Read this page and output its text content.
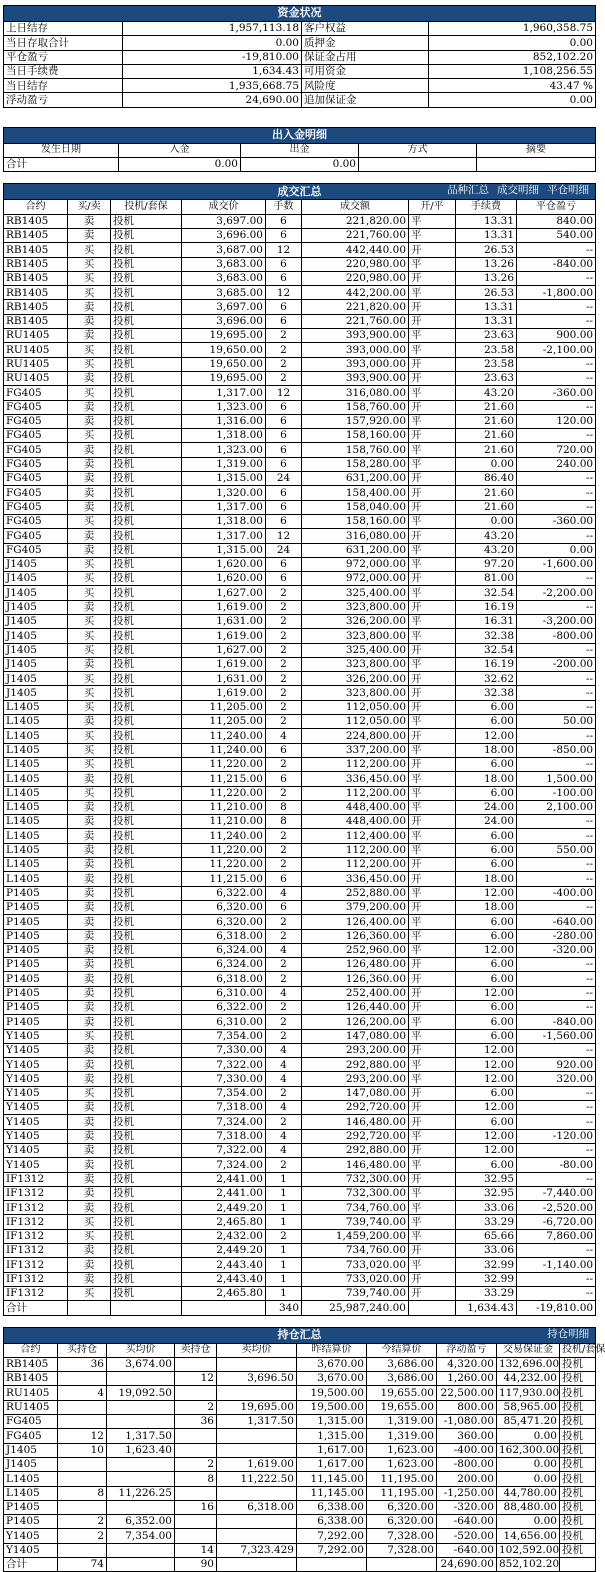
资金状况			
上日结存	1,957,113.18	客户权益	1,960,358.75
当日存取合计	0.00	质押金	0.00
平仓盈亏	-19,810.00	保证金占用	852,102.20
当日手续费	1,634.43	可用资金	1,108,256.55
当日结存	1,935,668.75	风险度	43.47 %
浮动盈亏	24,690.00	追加保证金	0.00
出入金明细				
发生日期	入金	出金	方式	摘要
合计	0.00	0.00		
成交汇总 品种汇总 成交明细 平仓明细								

合约	买/卖	投机/套保	成交价	手数	成交额	开/平	手续费	平仓盈亏
RB1405	卖	投机	3,697.00	6	221,820.00	平	13.31	840.00
RB1405	卖	投机	3,696.00	6	221,760.00	平	13.31	540.00
RB1405	买	投机	3,687.00	12	442,440.00	开	26.53	--
RB1405	买	投机	3,683.00	6	220,980.00	平	13.26	-840.00
RB1405	买	投机	3,683.00	6	220,980.00	开	13.26	--
RB1405	买	投机	3,685.00	12	442,200.00	平	26.53	-1,800.00
RB1405	卖	投机	3,697.00	6	221,820.00	开	13.31	--
RB1405	卖	投机	3,696.00	6	221,760.00	开	13.31	--
RU1405	卖	投机	19,695.00	2	393,900.00	平	23.63	900.00
RU1405	买	投机	19,650.00	2	393,000.00	平	23.58	-2,100.00
RU1405	买	投机	19,650.00	2	393,000.00	开	23.58	--
RU1405	卖	投机	19,695.00	2	393,900.00	开	23.63	--
FG405	买	投机	1,317.00	12	316,080.00	平	43.20	-360.00
FG405	卖	投机	1,323.00	6	158,760.00	开	21.60	--
FG405	卖	投机	1,316.00	6	157,920.00	平	21.60	120.00
FG405	买	投机	1,318.00	6	158,160.00	开	21.60	--
FG405	卖	投机	1,323.00	6	158,760.00	平	21.60	720.00
FG405	卖	投机	1,319.00	6	158,280.00	平	0.00	240.00
FG405	卖	投机	1,315.00	24	631,200.00	开	86.40	--
FG405	卖	投机	1,320.00	6	158,400.00	开	21.60	--
FG405	卖	投机	1,317.00	6	158,040.00	开	21.60	--
FG405	买	投机	1,318.00	6	158,160.00	平	0.00	-360.00
FG405	卖	投机	1,317.00	12	316,080.00	开	43.20	--
FG405	卖	投机	1,315.00	24	631,200.00	平	43.20	0.00
J1405	买	投机	1,620.00	6	972,000.00	平	97.20	-1,600.00
J1405	买	投机	1,620.00	6	972,000.00	开	81.00	--
J1405	买	投机	1,627.00	2	325,400.00	平	32.54	-2,200.00
J1405	卖	投机	1,619.00	2	323,800.00	开	16.19	--
J1405	买	投机	1,631.00	2	326,200.00	平	16.31	-3,200.00
J1405	买	投机	1,619.00	2	323,800.00	平	32.38	-800.00
J1405	买	投机	1,627.00	2	325,400.00	开	32.54	--
J1405	卖	投机	1,619.00	2	323,800.00	平	16.19	-200.00
J1405	买	投机	1,631.00	2	326,200.00	开	32.62	--
J1405	买	投机	1,619.00	2	323,800.00	开	32.38	--
L1405	买	投机	11,205.00	2	112,050.00	开	6.00	--
L1405	卖	投机	11,205.00	2	112,050.00	平	6.00	50.00
L1405	买	投机	11,240.00	4	224,800.00	开	12.00	--
L1405	买	投机	11,240.00	6	337,200.00	平	18.00	-850.00
L1405	买	投机	11,220.00	2	112,200.00	开	6.00	--
L1405	卖	投机	11,215.00	6	336,450.00	平	18.00	1,500.00
L1405	买	投机	11,220.00	2	112,200.00	平	6.00	-100.00
L1405	卖	投机	11,210.00	8	448,400.00	平	24.00	2,100.00
L1405	卖	投机	11,210.00	8	448,400.00	开	24.00	--
L1405	卖	投机	11,240.00	2	112,400.00	平	6.00	--
L1405	卖	投机	11,220.00	2	112,200.00	平	6.00	550.00
L1405	卖	投机	11,220.00	2	112,200.00	开	6.00	--
L1405	卖	投机	11,215.00	6	336,450.00	开	18.00	--
P1405	卖	投机	6,322.00	4	252,880.00	平	12.00	-400.00
P1405	卖	投机	6,320.00	6	379,200.00	开	18.00	--
P1405	卖	投机	6,320.00	2	126,400.00	平	6.00	-640.00
P1405	卖	投机	6,318.00	2	126,360.00	平	6.00	-280.00
P1405	卖	投机	6,324.00	4	252,960.00	平	12.00	-320.00
P1405	卖	投机	6,324.00	2	126,480.00	开	6.00	--
P1405	卖	投机	6,318.00	2	126,360.00	开	6.00	--
P1405	卖	投机	6,310.00	4	252,400.00	开	12.00	--
P1405	卖	投机	6,322.00	2	126,440.00	开	6.00	--
P1405	卖	投机	6,310.00	2	126,200.00	平	6.00	-840.00
Y1405	买	投机	7,354.00	2	147,080.00	平	6.00	-1,560.00
Y1405	卖	投机	7,330.00	4	293,200.00	开	12.00	--
Y1405	卖	投机	7,322.00	4	292,880.00	平	12.00	920.00
Y1405	卖	投机	7,330.00	4	293,200.00	平	12.00	320.00
Y1405	买	投机	7,354.00	2	147,080.00	开	6.00	--
Y1405	卖	投机	7,318.00	4	292,720.00	开	12.00	--
Y1405	卖	投机	7,324.00	2	146,480.00	开	6.00	--
Y1405	卖	投机	7,318.00	4	292,720.00	平	12.00	-120.00
Y1405	卖	投机	7,322.00	4	292,880.00	开	12.00	--
Y1405	卖	投机	7,324.00	2	146,480.00	平	6.00	-80.00
IF1312	卖	投机	2,441.00	1	732,300.00	开	32.95	--
IF1312	卖	投机	2,441.00	1	732,300.00	平	32.95	-7,440.00
IF1312	卖	投机	2,449.20	1	734,760.00	平	33.06	-2,520.00
IF1312	买	投机	2,465.80	1	739,740.00	平	33.29	-6,720.00
IF1312	买	投机	2,432.00	2	1,459,200.00	平	65.66	7,860.00
IF1312	卖	投机	2,449.20	1	734,760.00	开	33.06	--
IF1312	卖	投机	2,443.40	1	733,020.00	平	32.99	-1,140.00
IF1312	卖	投机	2,443.40	1	733,020.00	开	32.99	--
IF1312	买	投机	2,465.80	1	739,740.00	开	33.29	--
合计				340	25,987,240.00		1,634.43	-19,810.00
持仓汇总 持仓明细									

合约	买持仓	买均价	卖持仓	卖均价	昨结算价	今结算价	浮动盈亏	交易保证金	投机/套保
RB1405	36	3,674.00			3,670.00	3,686.00	4,320.00	132,696.00	投机
RB1405			12	3,696.50	3,670.00	3,686.00	1,260.00	44,232.00	投机
RU1405	4	19,092.50			19,500.00	19,655.00	22,500.00	117,930.00	投机
RU1405			2	19,695.00	19,500.00	19,655.00	800.00	58,965.00	投机
FG405			36	1,317.50	1,315.00	1,319.00	-1,080.00	85,471.20	投机
FG405	12	1,317.50			1,315.00	1,319.00	360.00	0.00	投机
J1405	10	1,623.40			1,617.00	1,623.00	-400.00	162,300.00	投机
J1405			2	1,619.00	1,617.00	1,623.00	-800.00	0.00	投机
L1405			8	11,222.50	11,145.00	11,195.00	200.00	0.00	投机
L1405	8	11,226.25			11,145.00	11,195.00	-1,250.00	44,780.00	投机
P1405			16	6,318.00	6,338.00	6,320.00	-320.00	88,480.00	投机
P1405	2	6,352.00			6,338.00	6,320.00	-640.00	0.00	投机
Y1405	2	7,354.00			7,292.00	7,328.00	-520.00	14,656.00	投机
Y1405			14	7,323.429	7,292.00	7,328.00	-640.00	102,592.00	投机
合计	74		90				24,690.00	852,102.20	
